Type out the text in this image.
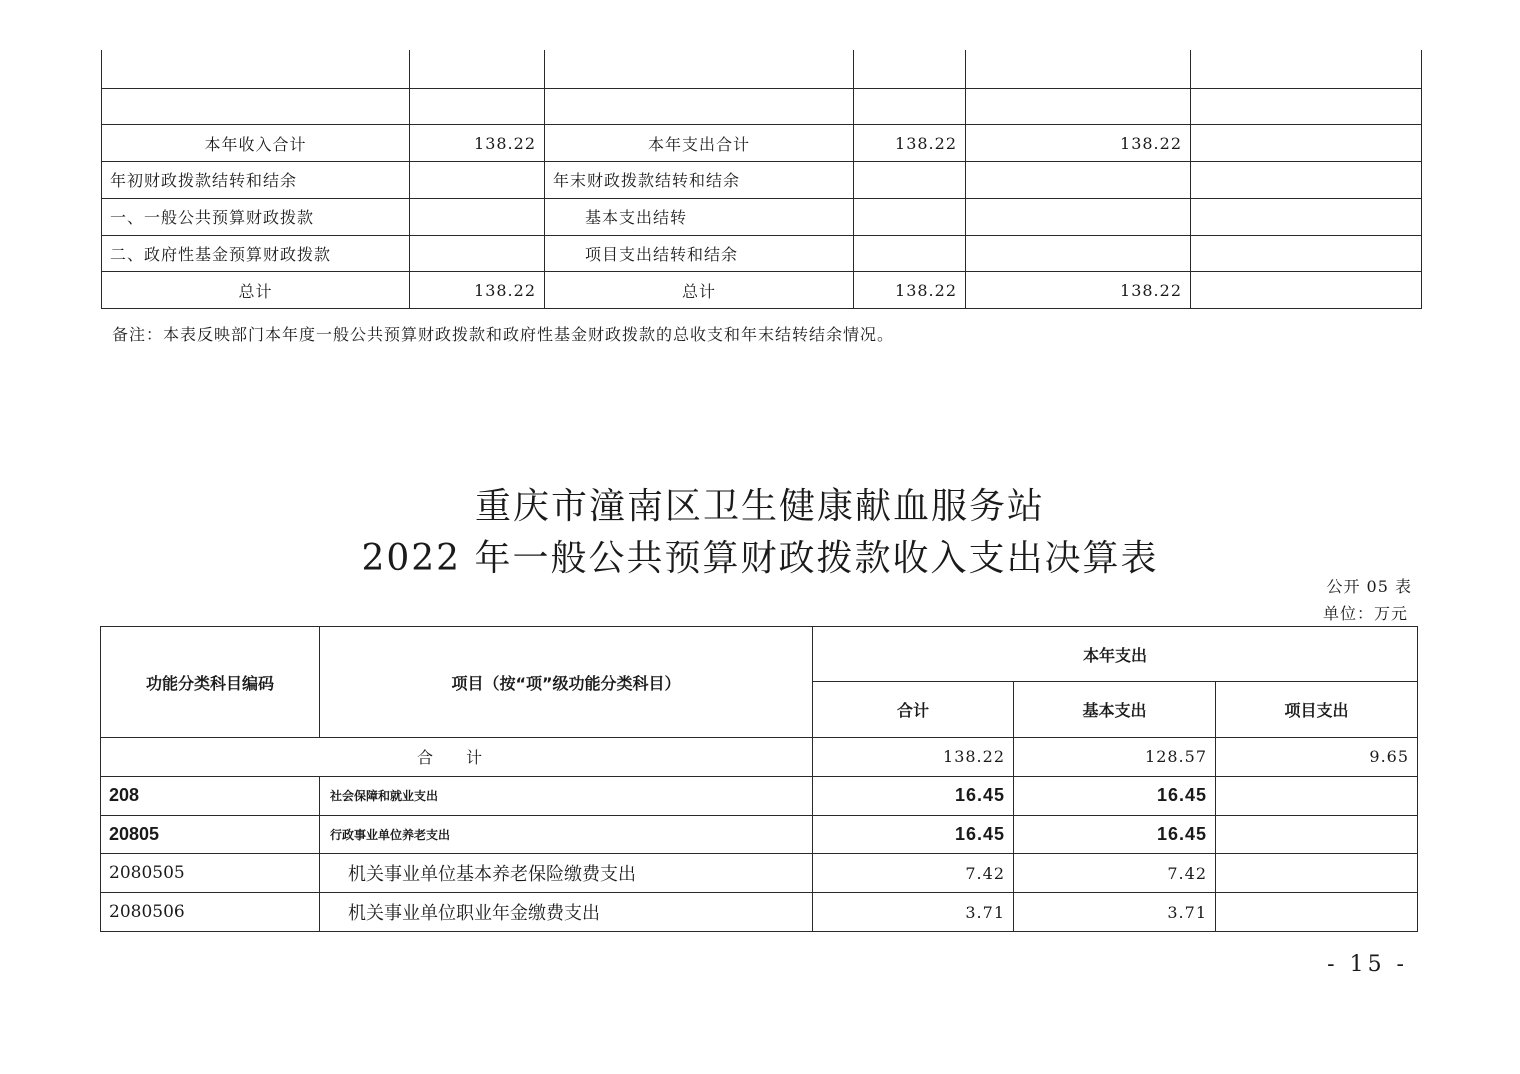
本年收入合计	138.22	本年支出合计	138.22	138.22	
年初财政拨款结转和结余		年末财政拨款结转和结余			
一、一般公共预算财政拨款		基本支出结转			
二、政府性基金预算财政拨款		项目支出结转和结余			
总计	138.22	总计	138.22	138.22	
备注：本表反映部门本年度一般公共预算财政拨款和政府性基金财政拨款的总收支和年末结转结余情况。
重庆市潼南区卫生健康献血服务站
2022 年一般公共预算财政拨款收入支出决算表
公开 05 表
单位：万元
功能分类科目编码	项目（按“项”级功能分类科目）	本年支出		
		合计	基本支出	项目支出
合 计		138.22	128.57	9.65
208	社会保障和就业支出	16.45	16.45	
20805	行政事业单位养老支出	16.45	16.45	
2080505	机关事业单位基本养老保险缴费支出	7.42	7.42	
2080506	机关事业单位职业年金缴费支出	3.71	3.71	
- 15 -
